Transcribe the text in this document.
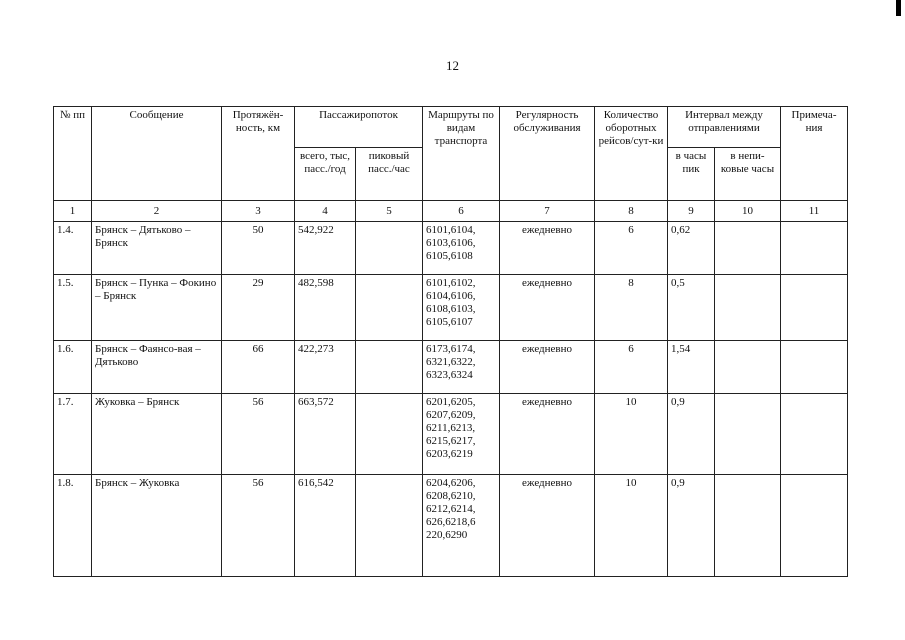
12
№ пп	Сообщение	Протяжён-ность, км	Пассажиропоток		Маршруты по видам транспорта	Регулярность обслуживания	Количество оборотных рейсов/сут-ки	Интервал между отправлениями		Примеча-ния
			всего, тыс, пасс./год	пиковый пасс./час				в часы пик	в непи-ковые часы	
1	2	3	4	5	6	7	8	9	10	11
1.4.	Брянск – Дятьково – Брянск	50	542,922		6101,6104, 6103,6106, 6105,6108	ежедневно	6	0,62		
1.5.	Брянск – Пунка – Фокино – Брянск	29	482,598		6101,6102, 6104,6106, 6108,6103, 6105,6107	ежедневно	8	0,5		
1.6.	Брянск – Фаянсо-вая – Дятьково	66	422,273		6173,6174, 6321,6322, 6323,6324	ежедневно	6	1,54		
1.7.	Жуковка – Брянск	56	663,572		6201,6205, 6207,6209, 6211,6213, 6215,6217, 6203,6219	ежедневно	10	0,9		
1.8.	Брянск – Жуковка	56	616,542		6204,6206, 6208,6210, 6212,6214, 626,6218,6 220,6290	ежедневно	10	0,9		
